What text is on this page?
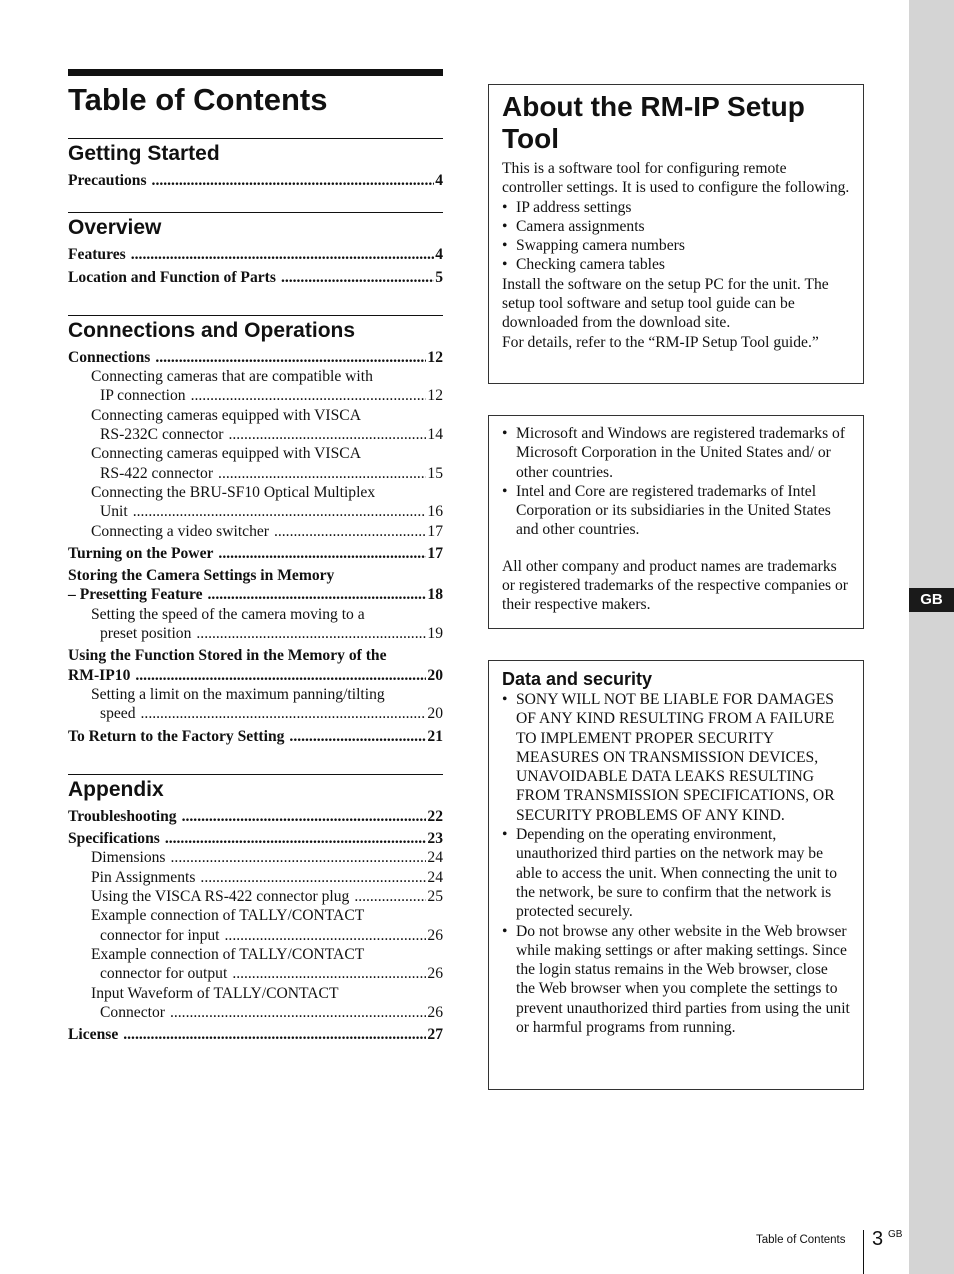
GB
Table of Contents
Getting Started
Precautions .....	4
Overview
Features .....	4
Location and Function of Parts .....	5
Connections and Operations
Connections .....	12
Connecting cameras that are compatible with
IP connection .....	12
Connecting cameras equipped with VISCA
RS-232C connector .....	14
Connecting cameras equipped with VISCA
RS-422 connector .....	15
Connecting the BRU-SF10 Optical Multiplex
Unit .....	16
Connecting a video switcher .....	17
Turning on the Power .....	17
Storing the Camera Settings in Memory
– Presetting Feature .....	18
Setting the speed of the camera moving to a
preset position .....	19
Using the Function Stored in the Memory of the
RM-IP10 .....	20
Setting a limit on the maximum panning/tilting
speed .....	20
To Return to the Factory Setting .....	21
Appendix
Troubleshooting .....	22
Specifications .....	23
Dimensions .....	24
Pin Assignments .....	24
Using the VISCA RS-422 connector plug .....	25
Example connection of TALLY/CONTACT
connector for input .....	26
Example connection of TALLY/CONTACT
connector for output .....	26
Input Waveform of TALLY/CONTACT
Connector .....	26
License .....	27
About the RM-IP Setup Tool
This is a software tool for configuring remote controller settings. It is used to configure the following.
• IP address settings
• Camera assignments
• Swapping camera numbers
• Checking camera tables
Install the software on the setup PC for the unit. The setup tool software and setup tool guide can be downloaded from the download site.
For details, refer to the “RM-IP Setup Tool guide.”
• Microsoft and Windows are registered trademarks of Microsoft Corporation in the United States and/ or other countries.
• Intel and Core are registered trademarks of Intel Corporation or its subsidiaries in the United States and other countries.
All other company and product names are trademarks or registered trademarks of the respective companies or their respective makers.
Data and security
• SONY WILL NOT BE LIABLE FOR DAMAGES OF ANY KIND RESULTING FROM A FAILURE TO IMPLEMENT PROPER SECURITY MEASURES ON TRANSMISSION DEVICES, UNAVOIDABLE DATA LEAKS RESULTING FROM TRANSMISSION SPECIFICATIONS, OR SECURITY PROBLEMS OF ANY KIND.
• Depending on the operating environment, unauthorized third parties on the network may be able to access the unit. When connecting the unit to the network, be sure to confirm that the network is protected securely.
• Do not browse any other website in the Web browser while making settings or after making settings. Since the login status remains in the Web browser, close the Web browser when you complete the settings to prevent unauthorized third parties from using the unit or harmful programs from running.
Table of Contents 3 GB
